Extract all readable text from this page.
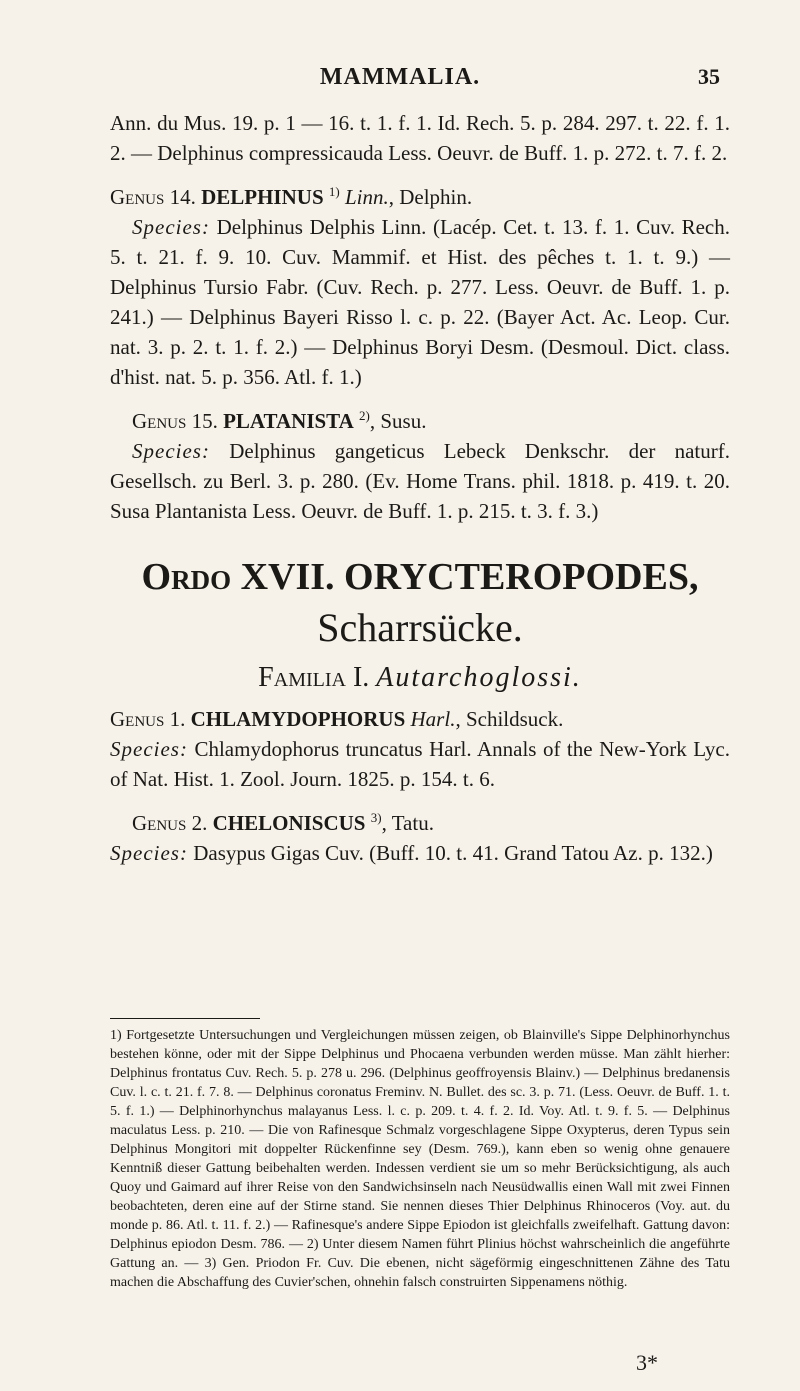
MAMMALIA.	35

Ann. du Mus. 19. p. 1 — 16. t. 1. f. 1. Id. Rech. 5. p. 284. 297. t. 22. f. 1. 2. — Delphinus compressicauda Less. Oeuvr. de Buff. 1. p. 272. t. 7. f. 2.

Genus 14. DELPHINUS $^{1)}$ Linn., Delphin.

Species: Delphinus Delphis Linn. (Lacép. Cet. t. 13. f. 1. Cuv. Rech. 5. t. 21. f. 9. 10. Cuv. Mammif. et Hist. des pêches t. 1. t. 9.) — Delphinus Tursio Fabr. (Cuv. Rech. p. 277. Less. Oeuvr. de Buff. 1. p. 241.) — Delphinus Bayeri Risso l. c. p. 22. (Bayer Act. Ac. Leop. Cur. nat. 3. p. 2. t. 1. f. 2.) — Delphinus Boryi Desm. (Desmoul. Dict. class. d'hist. nat. 5. p. 356. Atl. f. 1.)

Genus 15. PLATANISTA $^{2)}$, Susu.

Species: Delphinus gangeticus Lebeck Denkschr. der naturf. Gesellsch. zu Berl. 3. p. 280. (Ev. Home Trans. phil. 1818. p. 419. t. 20. Susa Plantanista Less. Oeuvr. de Buff. 1. p. 215. t. 3. f. 3.)

Ordo XVII. ORYCTEROPODES,
Scharrsücke.
Familia I. Autarchoglossi.

Genus 1. CHLAMYDOPHORUS Harl., Schildsuck.

Species: Chlamydophorus truncatus Harl. Annals of the New-York Lyc. of Nat. Hist. 1. Zool. Journ. 1825. p. 154. t. 6.

Genus 2. CHELONISCUS $^{3)}$, Tatu.

Species: Dasypus Gigas Cuv. (Buff. 10. t. 41. Grand Tatou Az. p. 132.)

1) Fortgesetzte Untersuchungen und Vergleichungen müssen zeigen, ob Blainville's Sippe Delphinorhynchus bestehen könne, oder mit der Sippe Delphinus und Phocaena verbunden werden müsse. Man zählt hierher: Delphinus frontatus Cuv. Rech. 5. p. 278 u. 296. (Delphinus geoffroyensis Blainv.) — Delphinus bredanensis Cuv. l. c. t. 21. f. 7. 8. — Delphinus coronatus Freminv. N. Bullet. des sc. 3. p. 71. (Less. Oeuvr. de Buff. 1. t. 5. f. 1.) — Delphinorhynchus malayanus Less. l. c. p. 209. t. 4. f. 2. Id. Voy. Atl. t. 9. f. 5. — Delphinus maculatus Less. p. 210. — Die von Rafinesque Schmalz vorgeschlagene Sippe Oxypterus, deren Typus sein Delphinus Mongitori mit doppelter Rückenfinne sey (Desm. 769.), kann eben so wenig ohne genauere Kenntniß dieser Gattung beibehalten werden. Indessen verdient sie um so mehr Berücksichtigung, als auch Quoy und Gaimard auf ihrer Reise von den Sandwichsinseln nach Neusüdwallis einen Wall mit zwei Finnen beobachteten, deren eine auf der Stirne stand. Sie nennen dieses Thier Delphinus Rhinoceros (Voy. aut. du monde p. 86. Atl. t. 11. f. 2.) — Rafinesque's andere Sippe Epiodon ist gleichfalls zweifelhaft. Gattung davon: Delphinus epiodon Desm. 786. — 2) Unter diesem Namen führt Plinius höchst wahrscheinlich die angeführte Gattung an. — 3) Gen. Priodon Fr. Cuv. Die ebenen, nicht sägeförmig eingeschnittenen Zähne des Tatu machen die Abschaffung des Cuvier'schen, ohnehin falsch construirten Sippenamens nöthig.

3*
